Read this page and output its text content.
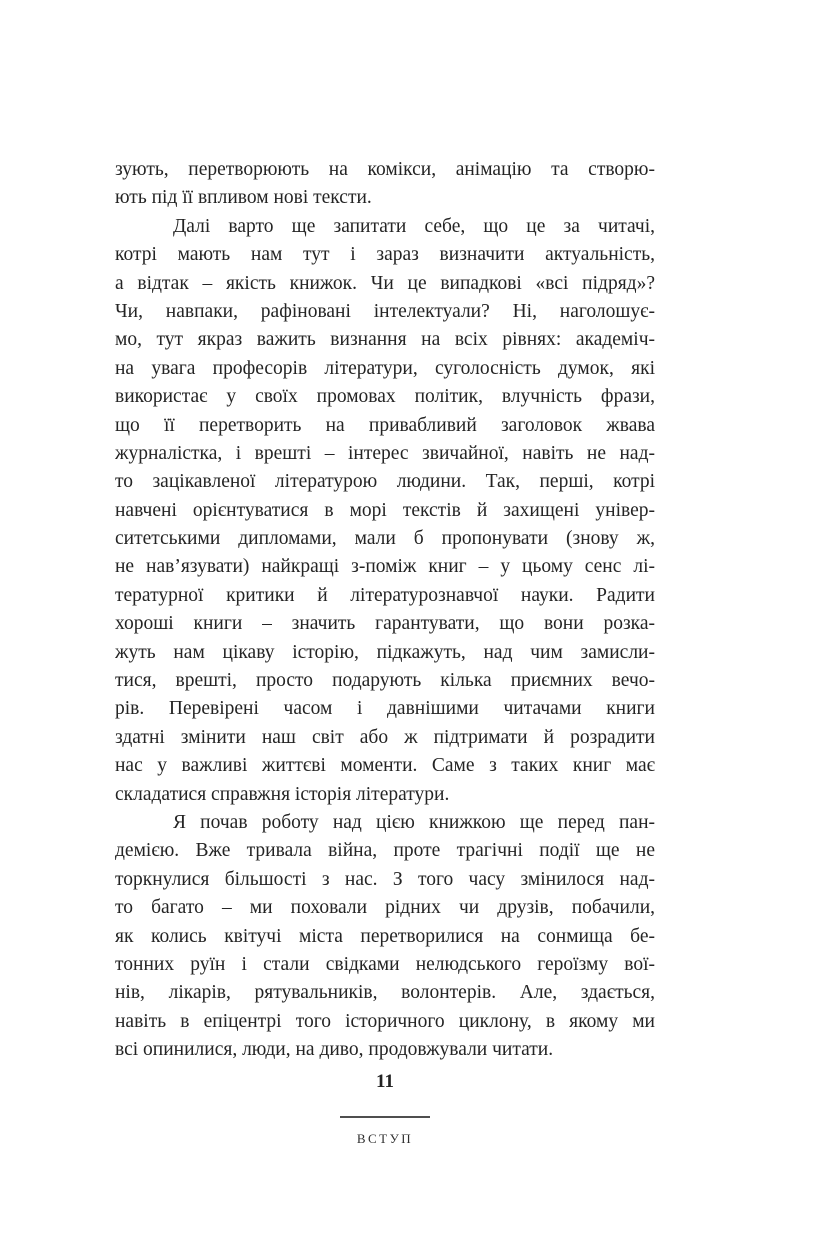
зують, перетворюють на комікси, анімацію та створю-
ють під її впливом нові тексти.
Далі варто ще запитати себе, що це за читачі,
котрі мають нам тут і зараз визначити актуальність,
а відтак – якість книжок. Чи це випадкові «всі підряд»?
Чи, навпаки, рафіновані інтелектуали? Ні, наголошує-
мо, тут якраз важить визнання на всіх рівнях: академіч-
на увага професорів літератури, суголосність думок, які
використає у своїх промовах політик, влучність фрази,
що її перетворить на привабливий заголовок жвава
журналістка, і врешті – інтерес звичайної, навіть не над-
то зацікавленої літературою людини. Так, перші, котрі
навчені орієнтуватися в морі текстів й захищені універ-
ситетськими дипломами, мали б пропонувати (знову ж,
не нав’язувати) найкращі з-поміж книг – у цьому сенс лі-
тературної критики й літературознавчої науки. Радити
хороші книги – значить гарантувати, що вони розка-
жуть нам цікаву історію, підкажуть, над чим замисли-
тися, врешті, просто подарують кілька приємних вечо-
рів. Перевірені часом і давнішими читачами книги
здатні змінити наш світ або ж підтримати й розрадити
нас у важливі життєві моменти. Саме з таких книг має
складатися справжня історія літератури.
Я почав роботу над цією книжкою ще перед пан-
демією. Вже тривала війна, проте трагічні події ще не
торкнулися більшості з нас. З того часу змінилося над-
то багато – ми поховали рідних чи друзів, побачили,
як колись квітучі міста перетворилися на сонмища бе-
тонних руїн і стали свідками нелюдського героїзму вої-
нів, лікарів, рятувальників, волонтерів. Але, здається,
навіть в епіцентрі того історичного циклону, в якому ми
всі опинилися, люди, на диво, продовжували читати.
11
ВСТУП
